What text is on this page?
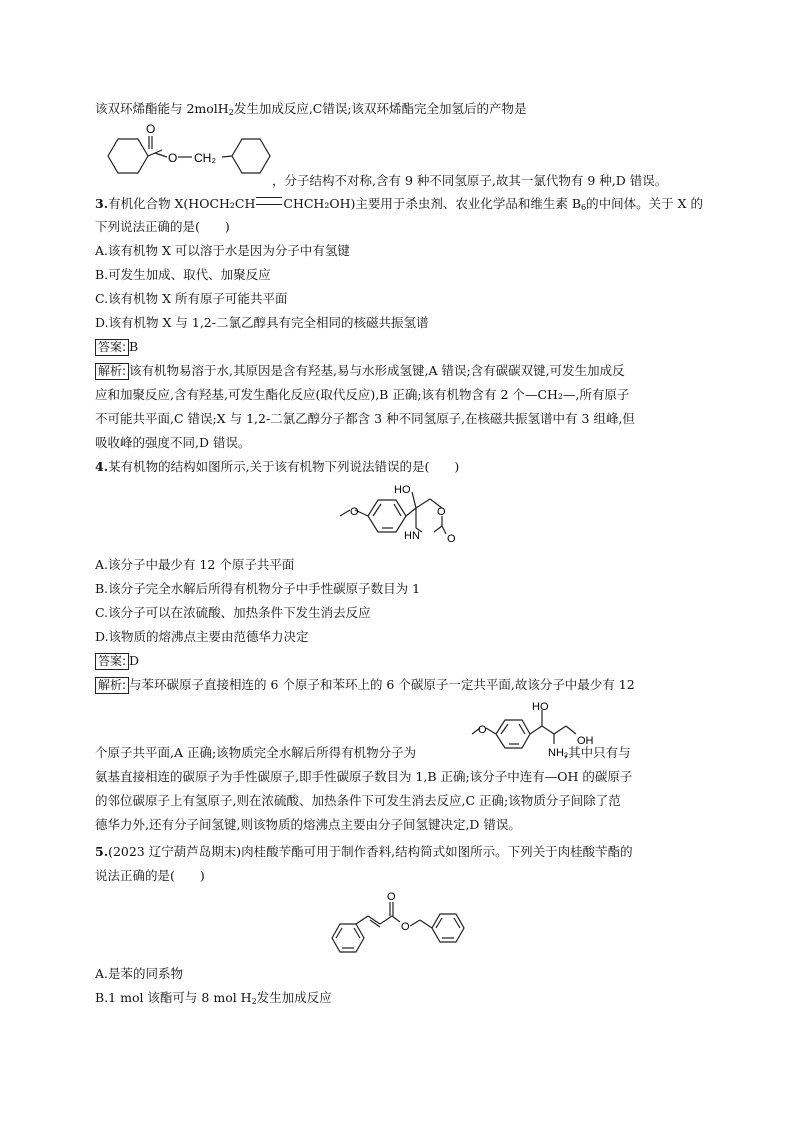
该双环烯酯能与 2molH$_2$发生加成反应,C错误;该双环烯酯完全加氢后的产物是
O
O CH₂
，分子结构不对称,含有 9 种不同氢原子,故其一氯代物有 9 种,D 错误。
3.有机化合物 X(HOCH₂CH CHCH₂OH)主要用于杀虫剂、农业化学品和维生素 $B_6$的中间体。关于 X 的
下列说法正确的是(　　)
A.该有机物 X 可以溶于水是因为分子中有氢键
B.可发生加成、取代、加聚反应
C.该有机物 X 所有原子可能共平面
D.该有机物 X 与 1,2-二氯乙醇具有完全相同的核磁共振氢谱
答案: B
解析: 该有机物易溶于水,其原因是含有羟基,易与水形成氢键,A 错误;含有碳碳双键,可发生加成反
应和加聚反应,含有羟基,可发生酯化反应(取代反应),B 正确;该有机物含有 2 个—CH₂—,所有原子
不可能共平面,C 错误;X 与 1,2-二氯乙醇分子都含 3 种不同氢原子,在核磁共振氢谱中有 3 组峰,但
吸收峰的强度不同,D 错误。
4.某有机物的结构如图所示,关于该有机物下列说法错误的是(　　)
O
HO
O
HN O
A.该分子中最少有 12 个原子共平面
B.该分子完全水解后所得有机物分子中手性碳原子数目为 1
C.该分子可以在浓硫酸、加热条件下发生消去反应
D.该物质的熔沸点主要由范德华力决定
答案: D
解析: 与苯环碳原子直接相连的 6 个原子和苯环上的 6 个碳原子一定共平面,故该分子中最少有 12
O
HO
OH
NH₂
个原子共平面,A 正确;该物质完全水解后所得有机物分子为	,其中只有与
氨基直接相连的碳原子为手性碳原子,即手性碳原子数目为 1,B 正确;该分子中连有—OH 的碳原子
的邻位碳原子上有氢原子,则在浓硫酸、加热条件下可发生消去反应,C 正确;该物质分子间除了范
德华力外,还有分子间氢键,则该物质的熔沸点主要由分子间氢键决定,D 错误。
5.(2023 辽宁葫芦岛期末)肉桂酸苄酯可用于制作香料,结构简式如图所示。下列关于肉桂酸苄酯的
说法正确的是(　　)
O
O
A.是苯的同系物
B.1 mol 该酯可与 8 mol $H_2$发生加成反应
